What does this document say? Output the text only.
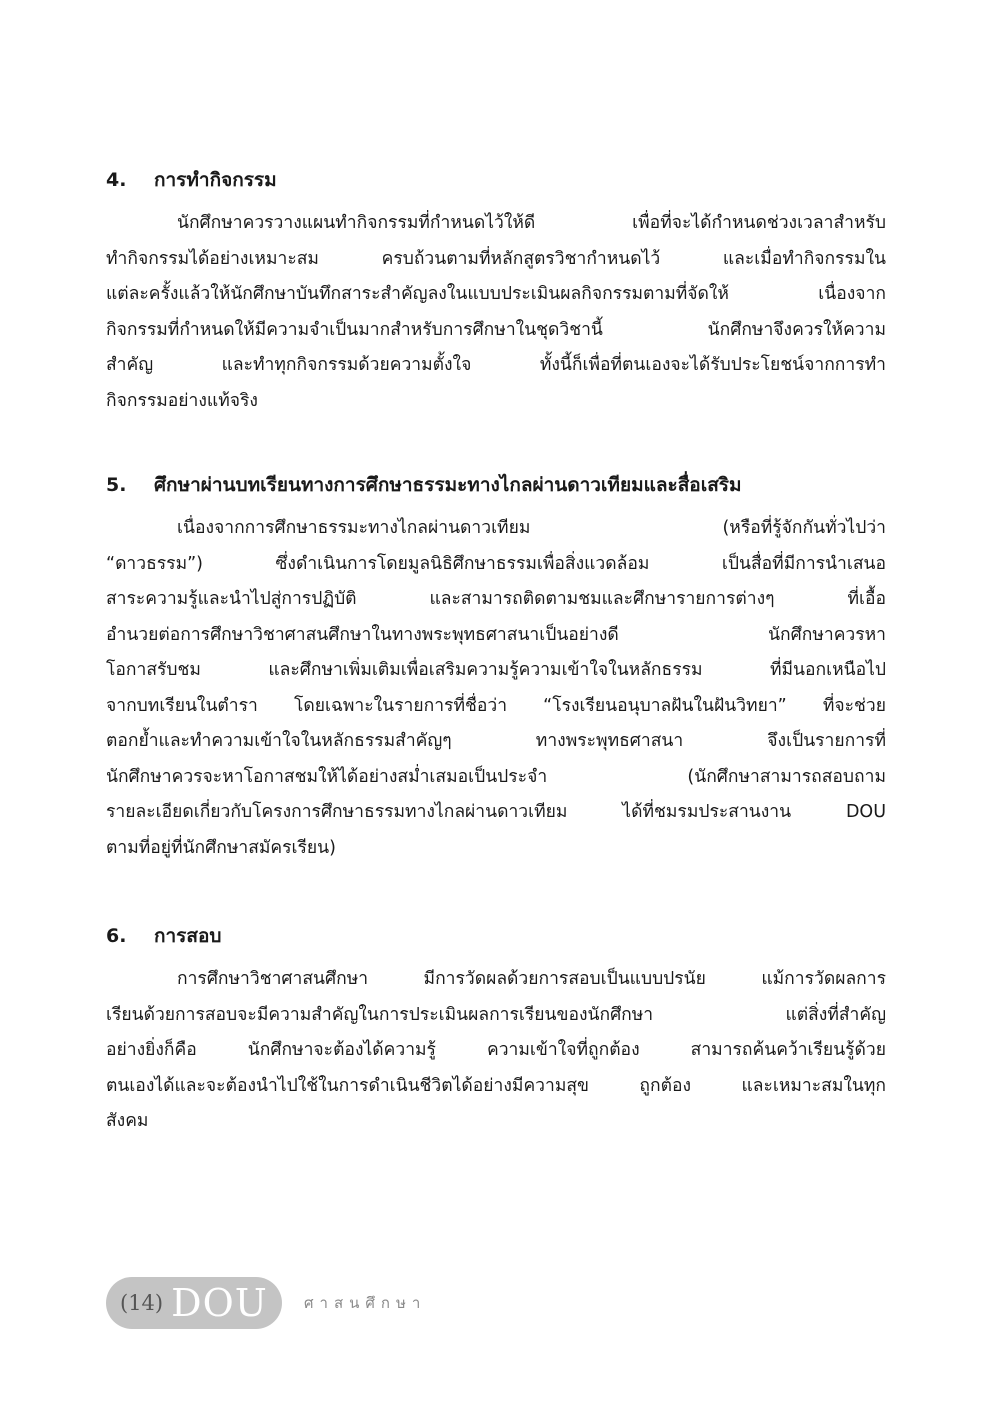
4.	การทำกิจกรรม
นักศึกษาควรวางแผนทำกิจกรรมที่กำหนดไว้ให้ดี เพื่อที่จะได้กำหนดช่วงเวลาสำหรับ
ทำกิจกรรมได้อย่างเหมาะสม ครบถ้วนตามที่หลักสูตรวิชากำหนดไว้ และเมื่อทำกิจกรรมใน
แต่ละครั้งแล้วให้นักศึกษาบันทึกสาระสำคัญลงในแบบประเมินผลกิจกรรมตามที่จัดให้ เนื่องจาก
กิจกรรมที่กำหนดให้มีความจำเป็นมากสำหรับการศึกษาในชุดวิชานี้ นักศึกษาจึงควรให้ความ
สำคัญ และทำทุกกิจกรรมด้วยความตั้งใจ ทั้งนี้ก็เพื่อที่ตนเองจะได้รับประโยชน์จากการทำ
กิจกรรมอย่างแท้จริง
5.	ศึกษาผ่านบทเรียนทางการศึกษาธรรมะทางไกลผ่านดาวเทียมและสื่อเสริม
เนื่องจากการศึกษาธรรมะทางไกลผ่านดาวเทียม (หรือที่รู้จักกันทั่วไปว่า
“ดาวธรรม”) ซึ่งดำเนินการโดยมูลนิธิศึกษาธรรมเพื่อสิ่งแวดล้อม เป็นสื่อที่มีการนำเสนอ
สาระความรู้และนำไปสู่การปฏิบัติ และสามารถติดตามชมและศึกษารายการต่างๆ ที่เอื้อ
อำนวยต่อการศึกษาวิชาศาสนศึกษาในทางพระพุทธศาสนาเป็นอย่างดี นักศึกษาควรหา
โอกาสรับชม และศึกษาเพิ่มเติมเพื่อเสริมความรู้ความเข้าใจในหลักธรรม ที่มีนอกเหนือไป
จากบทเรียนในตำรา โดยเฉพาะในรายการที่ชื่อว่า “โรงเรียนอนุบาลฝันในฝันวิทยา” ที่จะช่วย
ตอกย้ำและทำความเข้าใจในหลักธรรมสำคัญๆ ทางพระพุทธศาสนา จึงเป็นรายการที่
นักศึกษาควรจะหาโอกาสชมให้ได้อย่างสม่ำเสมอเป็นประจำ (นักศึกษาสามารถสอบถาม
รายละเอียดเกี่ยวกับโครงการศึกษาธรรมทางไกลผ่านดาวเทียม ได้ที่ชมรมประสานงาน DOU
ตามที่อยู่ที่นักศึกษาสมัครเรียน)
6.	การสอบ
การศึกษาวิชาศาสนศึกษา มีการวัดผลด้วยการสอบเป็นแบบปรนัย แม้การวัดผลการ
เรียนด้วยการสอบจะมีความสำคัญในการประเมินผลการเรียนของนักศึกษา แต่สิ่งที่สำคัญ
อย่างยิ่งก็คือ นักศึกษาจะต้องได้ความรู้ ความเข้าใจที่ถูกต้อง สามารถค้นคว้าเรียนรู้ด้วย
ตนเองได้และจะต้องนำไปใช้ในการดำเนินชีวิตได้อย่างมีความสุข ถูกต้อง และเหมาะสมในทุก
สังคม
(14) DOU ศาสนศึกษา
